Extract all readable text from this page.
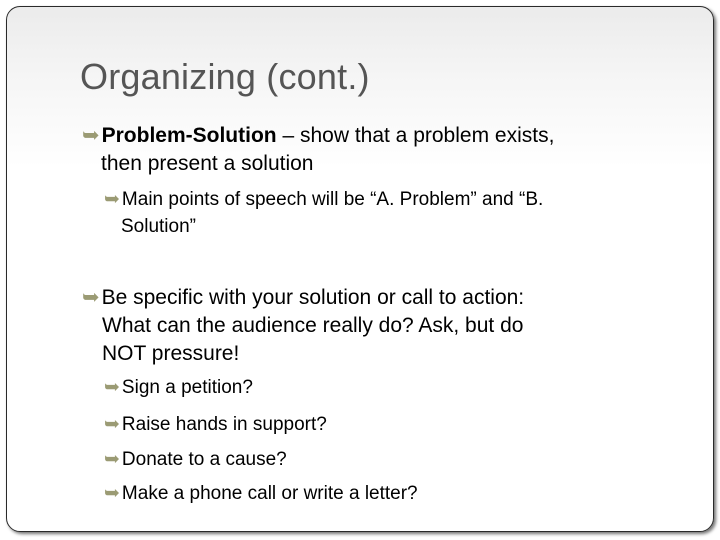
Organizing (cont.)
➥Problem-Solution – show that a problem exists,
then present a solution
➥ Main points of speech will be “A. Problem” and “B.
Solution”
➥Be specific with your solution or call to action:
What can the audience really do? Ask, but do
NOT pressure!
➥ Sign a petition?
➥ Raise hands in support?
➥ Donate to a cause?
➥ Make a phone call or write a letter?
